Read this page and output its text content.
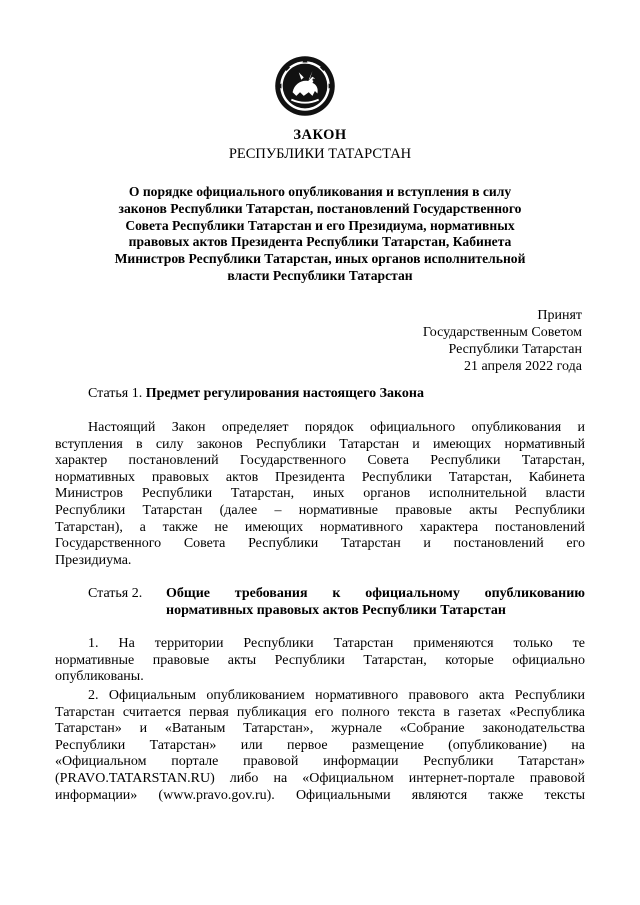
ЗАКОН
РЕСПУБЛИКИ ТАТАРСТАН
О порядке официального опубликования и вступления в силу
законов Республики Татарстан, постановлений Государственного
Совета Республики Татарстан и его Президиума, нормативных
правовых актов Президента Республики Татарстан, Кабинета
Министров Республики Татарстан, иных органов исполнительной
власти Республики Татарстан
Принят
Государственным Советом
Республики Татарстан
21 апреля 2022 года
Статья 1. Предмет регулирования настоящего Закона
Настоящий Закон определяет порядок официального опубликования и
вступления в силу законов Республики Татарстан и имеющих нормативный
характер постановлений Государственного Совета Республики Татарстан,
нормативных правовых актов Президента Республики Татарстан, Кабинета
Министров Республики Татарстан, иных органов исполнительной власти
Республики Татарстан (далее – нормативные правовые акты Республики
Татарстан), а также не имеющих нормативного характера постановлений
Государственного Совета Республики Татарстан и постановлений его
Президиума.
Статья 2. Общие требования к официальному опубликованию
нормативных правовых актов Республики Татарстан
1. На территории Республики Татарстан применяются только те
нормативные правовые акты Республики Татарстан, которые официально
опубликованы.
2. Официальным опубликованием нормативного правового акта Республики
Татарстан считается первая публикация его полного текста в газетах «Республика
Татарстан» и «Ватаным Татарстан», журнале «Собрание законодательства
Республики Татарстан» или первое размещение (опубликование) на
«Официальном портале правовой информации Республики Татарстан»
(PRAVO.TATARSTAN.RU) либо на «Официальном интернет-портале правовой
информации» (www.pravo.gov.ru). Официальными являются также тексты
